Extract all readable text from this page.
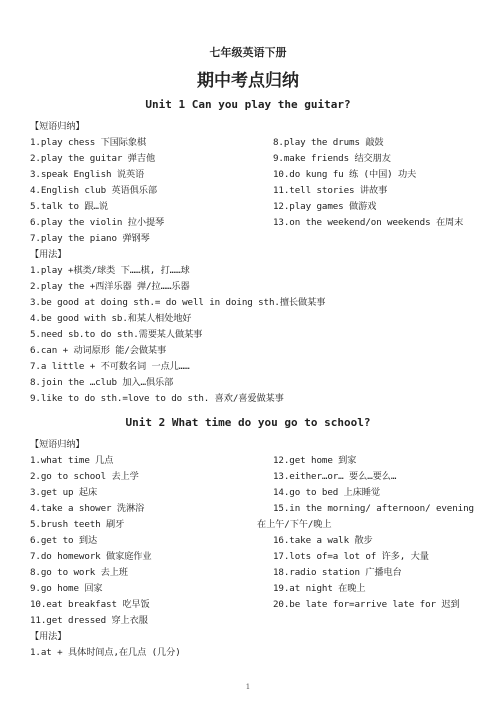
七年级英语下册
期中考点归纳
Unit 1 Can you play the guitar?
【短语归纳】
1.play chess 下国际象棋
2.play the guitar 弹吉他
3.speak English 说英语
4.English club 英语俱乐部
5.talk to 跟…说
6.play the violin 拉小提琴
7.play the piano 弹钢琴
8.play the drums 敲鼓
9.make friends 结交朋友
10.do kung fu 练 (中国) 功夫
11.tell stories 讲故事
12.play games 做游戏
13.on the weekend/on weekends 在周末
【用法】
1.play +棋类/球类 下……棋, 打……球
2.play the +西洋乐器 弹/拉……乐器
3.be good at doing sth.= do well in doing sth.擅长做某事
4.be good with sb.和某人相处地好
5.need sb.to do sth.需要某人做某事
6.can + 动词原形 能/会做某事
7.a little + 不可数名词 一点儿……
8.join the …club 加入…俱乐部
9.like to do sth.=love to do sth. 喜欢/喜爱做某事
Unit 2 What time do you go to school?
【短语归纳】
1.what time 几点
2.go to school 去上学
3.get up 起床
4.take a shower 洗淋浴
5.brush teeth 刷牙
6.get to 到达
7.do homework 做家庭作业
8.go to work 去上班
9.go home 回家
10.eat breakfast 吃早饭
11.get dressed 穿上衣服
12.get home 到家
13.either…or… 要么…要么…
14.go to bed 上床睡觉
15.in the morning/ afternoon/ evening
在上午/下午/晚上
16.take a walk 散步
17.lots of=a lot of 许多, 大量
18.radio station 广播电台
19.at night 在晚上
20.be late for=arrive late for 迟到
【用法】
1.at + 具体时间点,在几点 (几分)
1
